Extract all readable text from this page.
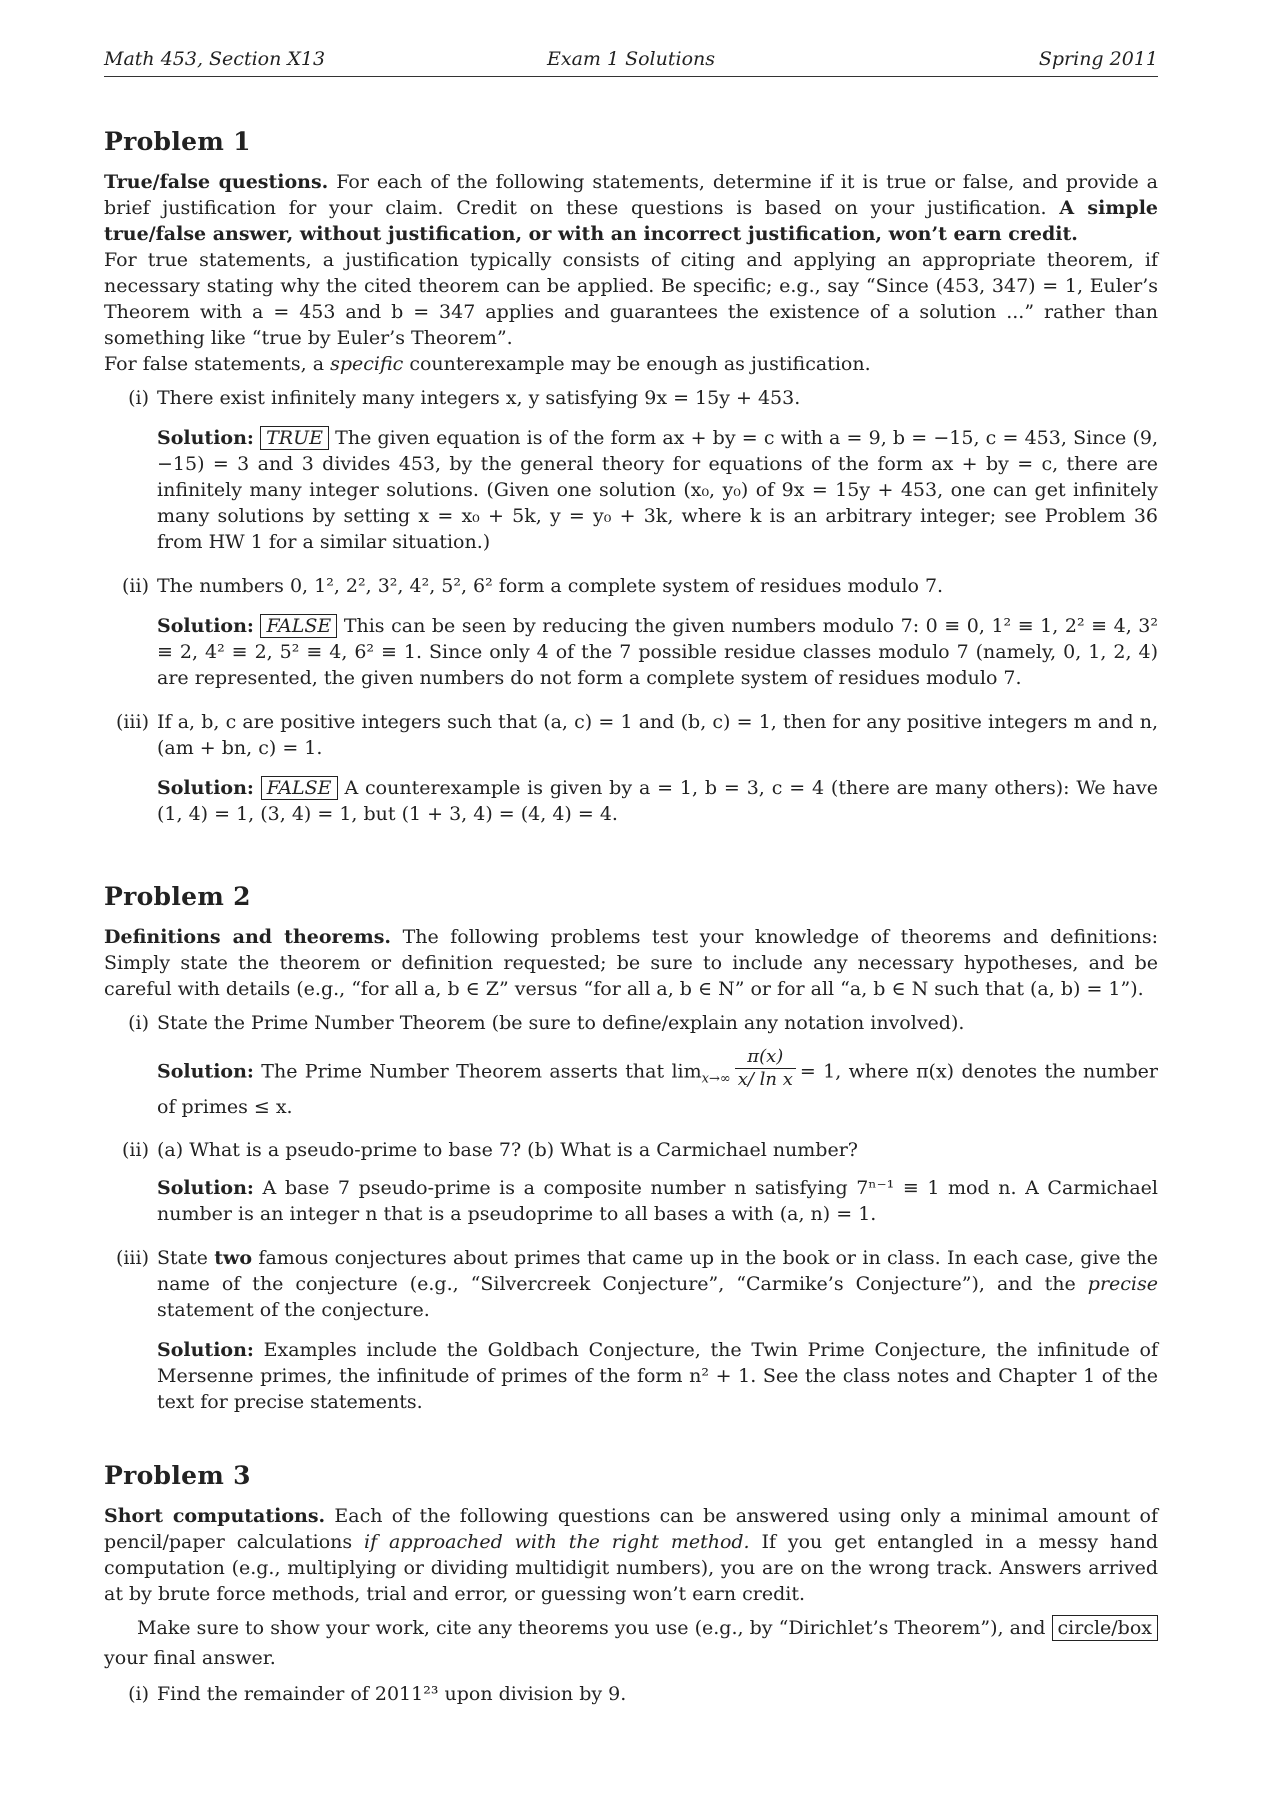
Math 453, Section X13	Exam 1 Solutions	Spring 2011
Problem 1

True/false questions. For each of the following statements, determine if it is true or false, and provide a brief justification for your claim. Credit on these questions is based on your justification. A simple true/false answer, without justification, or with an incorrect justification, won’t earn credit.

For true statements, a justification typically consists of citing and applying an appropriate theorem, if necessary stating why the cited theorem can be applied. Be specific; e.g., say “Since (453, 347) = 1, Euler’s Theorem with a = 453 and b = 347 applies and guarantees the existence of a solution ...” rather than something like “true by Euler’s Theorem”.

For false statements, a specific counterexample may be enough as justification.

(i) There exist infinitely many integers x, y satisfying 9x = 15y + 453.

Solution: TRUE The given equation is of the form ax + by = c with a = 9, b = −15, c = 453, Since (9, −15) = 3 and 3 divides 453, by the general theory for equations of the form ax + by = c, there are infinitely many integer solutions. (Given one solution (x₀, y₀) of 9x = 15y + 453, one can get infinitely many solutions by setting x = x₀ + 5k, y = y₀ + 3k, where k is an arbitrary integer; see Problem 36 from HW 1 for a similar situation.)

(ii) The numbers 0, 1², 2², 3², 4², 5², 6² form a complete system of residues modulo 7.

Solution: FALSE This can be seen by reducing the given numbers modulo 7: 0 ≡ 0, 1² ≡ 1, 2² ≡ 4, 3² ≡ 2, 4² ≡ 2, 5² ≡ 4, 6² ≡ 1. Since only 4 of the 7 possible residue classes modulo 7 (namely, 0, 1, 2, 4) are represented, the given numbers do not form a complete system of residues modulo 7.

(iii) If a, b, c are positive integers such that (a, c) = 1 and (b, c) = 1, then for any positive integers m and n, (am + bn, c) = 1.

Solution: FALSE A counterexample is given by a = 1, b = 3, c = 4 (there are many others): We have (1, 4) = 1, (3, 4) = 1, but (1 + 3, 4) = (4, 4) = 4.

Problem 2

Definitions and theorems. The following problems test your knowledge of theorems and definitions: Simply state the theorem or definition requested; be sure to include any necessary hypotheses, and be careful with details (e.g., “for all a, b ∈ Z” versus “for all a, b ∈ N” or for all “a, b ∈ N such that (a, b) = 1”).

(i) State the Prime Number Theorem (be sure to define/explain any notation involved).

Solution: The Prime Number Theorem asserts that $\lim_{x\to\infty} \frac{\pi(x)}{\text{x/ ln x}} = 1$, where π(x) denotes the number of primes ≤ x.

(ii) (a) What is a pseudo-prime to base 7? (b) What is a Carmichael number?

Solution: A base 7 pseudo-prime is a composite number n satisfying 7ⁿ⁻¹ ≡ 1 mod n. A Carmichael number is an integer n that is a pseudoprime to all bases a with (a, n) = 1.

(iii) State two famous conjectures about primes that came up in the book or in class. In each case, give the name of the conjecture (e.g., “Silvercreek Conjecture”, “Carmike’s Conjecture”), and the precise statement of the conjecture.

Solution: Examples include the Goldbach Conjecture, the Twin Prime Conjecture, the infinitude of Mersenne primes, the infinitude of primes of the form n² + 1. See the class notes and Chapter 1 of the text for precise statements.

Problem 3

Short computations. Each of the following questions can be answered using only a minimal amount of pencil/paper calculations if approached with the right method. If you get entangled in a messy hand computation (e.g., multiplying or dividing multidigit numbers), you are on the wrong track. Answers arrived at by brute force methods, trial and error, or guessing won’t earn credit.

Make sure to show your work, cite any theorems you use (e.g., by “Dirichlet’s Theorem”), and circle/box your final answer.

(i) Find the remainder of 2011²³ upon division by 9.
